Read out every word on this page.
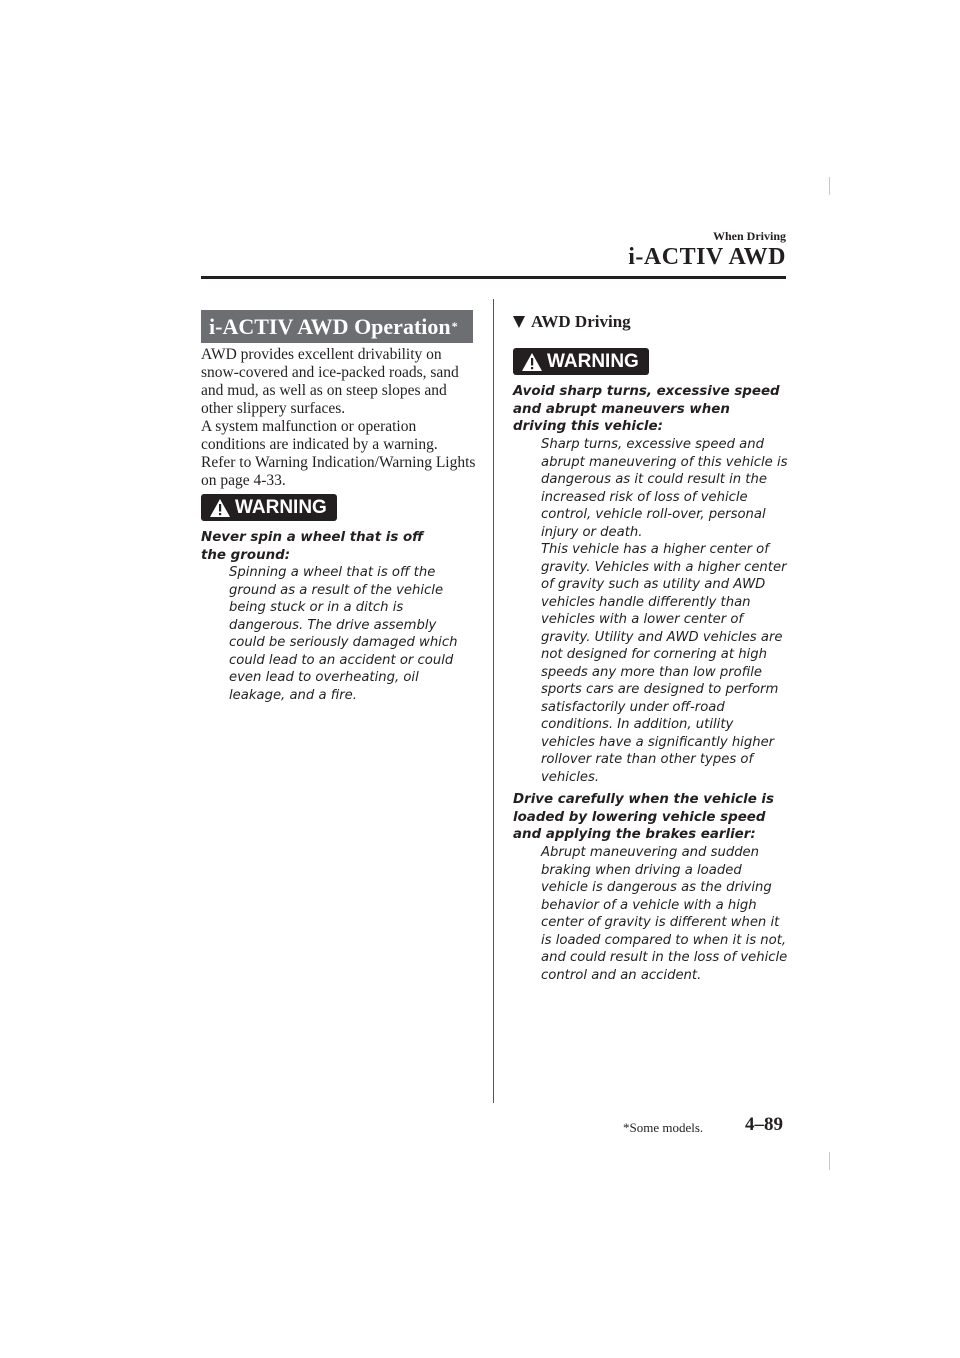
When Driving
i-ACTIV AWD
i-ACTIV AWD Operation *

AWD provides excellent drivability on snow-covered and ice-packed roads, sand and mud, as well as on steep slopes and other slippery surfaces.

A system malfunction or operation conditions are indicated by a warning. Refer to Warning Indication/Warning Lights on page 4-33.

WARNING
Never spin a wheel that is off the ground:

Spinning a wheel that is off the ground as a result of the vehicle being stuck or in a ditch is dangerous. The drive assembly could be seriously damaged which could lead to an accident or could even lead to overheating, oil leakage, and a fire.

AWD Driving
WARNING
Avoid sharp turns, excessive speed and abrupt maneuvers when driving this vehicle:

Sharp turns, excessive speed and abrupt maneuvering of this vehicle is dangerous as it could result in the increased risk of loss of vehicle control, vehicle roll-over, personal injury or death.

This vehicle has a higher center of gravity. Vehicles with a higher center of gravity such as utility and AWD vehicles handle differently than vehicles with a lower center of gravity. Utility and AWD vehicles are not designed for cornering at high speeds any more than low profile sports cars are designed to perform satisfactorily under off-road conditions. In addition, utility vehicles have a significantly higher rollover rate than other types of vehicles.

Drive carefully when the vehicle is loaded by lowering vehicle speed and applying the brakes earlier:

Abrupt maneuvering and sudden braking when driving a loaded vehicle is dangerous as the driving behavior of a vehicle with a high center of gravity is different when it is loaded compared to when it is not, and could result in the loss of vehicle control and an accident.

*Some models. 4–89
